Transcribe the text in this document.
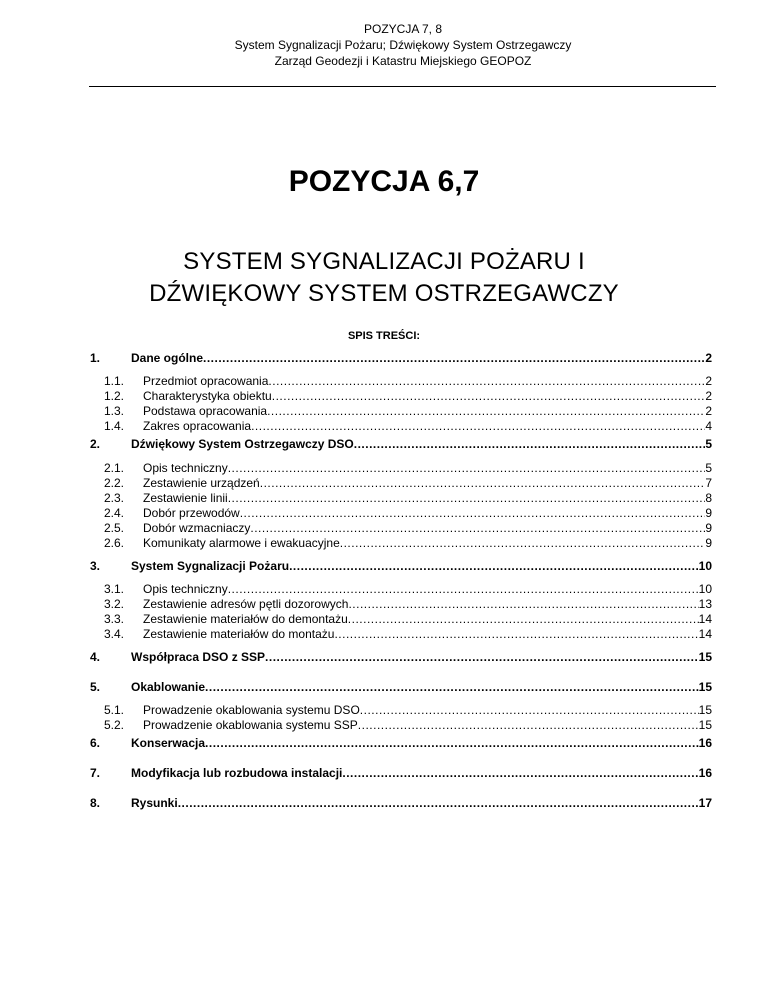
POZYCJA 7, 8
System Sygnalizacji Pożaru; Dźwiękowy System Ostrzegawczy
Zarząd Geodezji i Katastru Miejskiego GEOPOZ
POZYCJA 6,7
SYSTEM SYGNALIZACJI POŻARU I
DŹWIĘKOWY SYSTEM OSTRZEGAWCZY
SPIS TREŚCI:
1.	Dane ogólne .....	2
1.1.	Przedmiot opracowania .....	2
1.2.	Charakterystyka obiektu .....	2
1.3.	Podstawa opracowania .....	2
1.4.	Zakres opracowania .....	4
2.	Dźwiękowy System Ostrzegawczy DSO .....	5
2.1.	Opis techniczny .....	5
2.2.	Zestawienie urządzeń .....	7
2.3.	Zestawienie linii .....	8
2.4.	Dobór przewodów .....	9
2.5.	Dobór wzmacniaczy .....	9
2.6.	Komunikaty alarmowe i ewakuacyjne .....	9
3.	System Sygnalizacji Pożaru .....	10
3.1.	Opis techniczny .....	10
3.2.	Zestawienie adresów pętli dozorowych .....	13
3.3.	Zestawienie materiałów do demontażu .....	14
3.4.	Zestawienie materiałów do montażu .....	14
4.	Współpraca DSO z SSP .....	15
5.	Okablowanie .....	15
5.1.	Prowadzenie okablowania systemu DSO .....	15
5.2.	Prowadzenie okablowania systemu SSP .....	15
6.	Konserwacja .....	16
7.	Modyfikacja lub rozbudowa instalacji .....	16
8.	Rysunki .....	17
